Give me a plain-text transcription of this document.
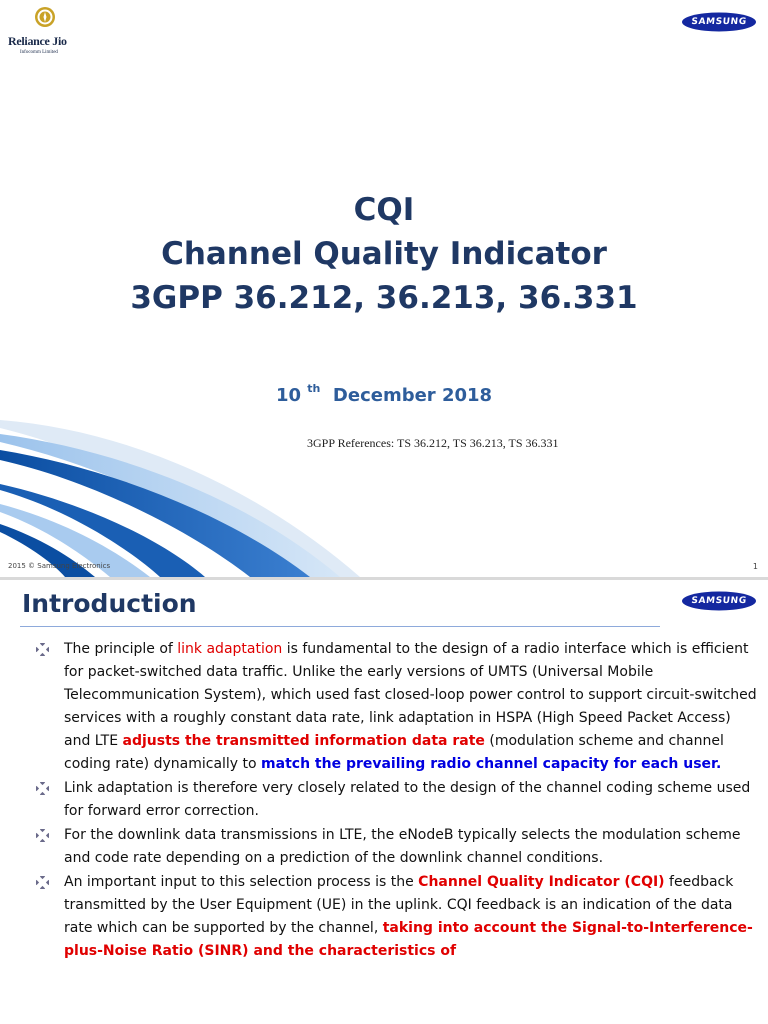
Reliance Jio
Infocomm Limited
SAMSUNG
CQI
Channel Quality Indicator
3GPP 36.212, 36.213, 36.331
10 $^{th}$ December 2018
3GPP References: TS 36.212, TS 36.213, TS 36.331
2015 © Samsung Electronics	1
Introduction	SAMSUNG
The principle of link adaptation is fundamental to the design of a radio interface which is efficient for packet-switched data traffic. Unlike the early versions of UMTS (Universal Mobile Telecommunication System), which used fast closed-loop power control to support circuit-switched services with a roughly constant data rate, link adaptation in HSPA (High Speed Packet Access) and LTE adjusts the transmitted information data rate (modulation scheme and channel coding rate) dynamically to match the prevailing radio channel capacity for each user.
Link adaptation is therefore very closely related to the design of the channel coding scheme used for forward error correction.
For the downlink data transmissions in LTE, the eNodeB typically selects the modulation scheme and code rate depending on a prediction of the downlink channel conditions.
An important input to this selection process is the Channel Quality Indicator (CQI) feedback transmitted by the User Equipment (UE) in the uplink. CQI feedback is an indication of the data rate which can be supported by the channel, taking into account the Signal-to-Interference-plus-Noise Ratio (SINR) and the characteristics of
